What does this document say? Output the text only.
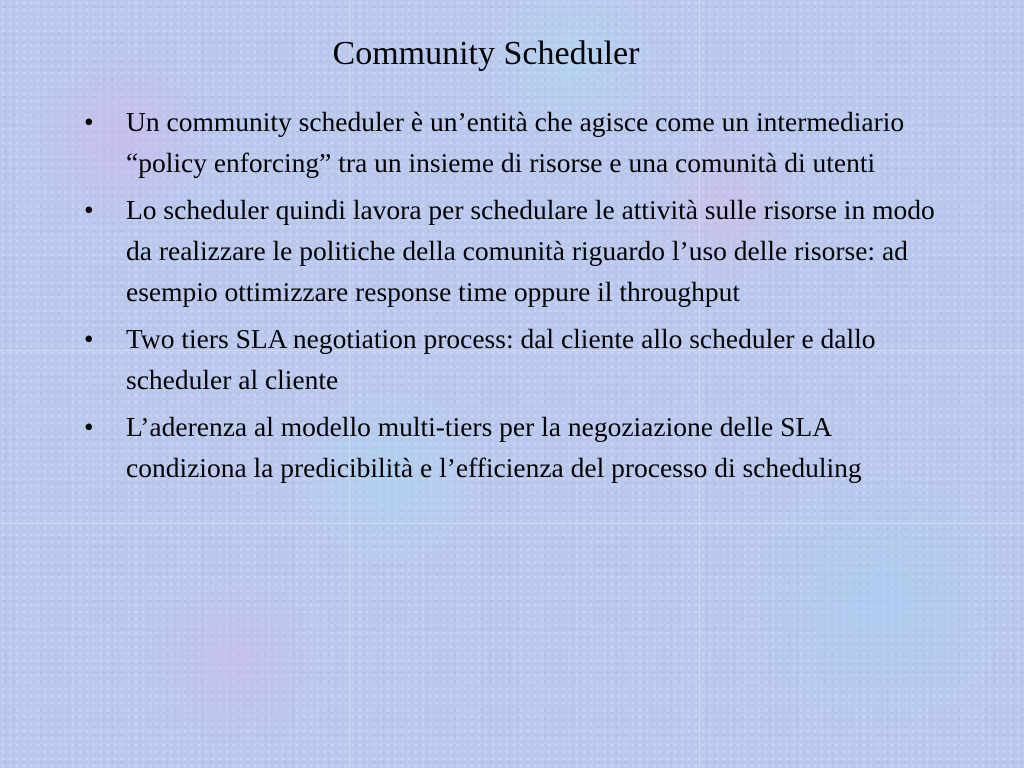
Community Scheduler
• Un community scheduler è un’entità che agisce come un intermediario “policy enforcing” tra un insieme di risorse e una comunità di utenti
• Lo scheduler quindi lavora per schedulare le attività sulle risorse in modo da realizzare le politiche della comunità riguardo l’uso delle risorse: ad esempio ottimizzare response time oppure il throughput
• Two tiers SLA negotiation process: dal cliente allo scheduler e dallo scheduler al cliente
• L’aderenza al modello multi-tiers per la negoziazione delle SLA condiziona la predicibilità e l’efficienza del processo di scheduling
